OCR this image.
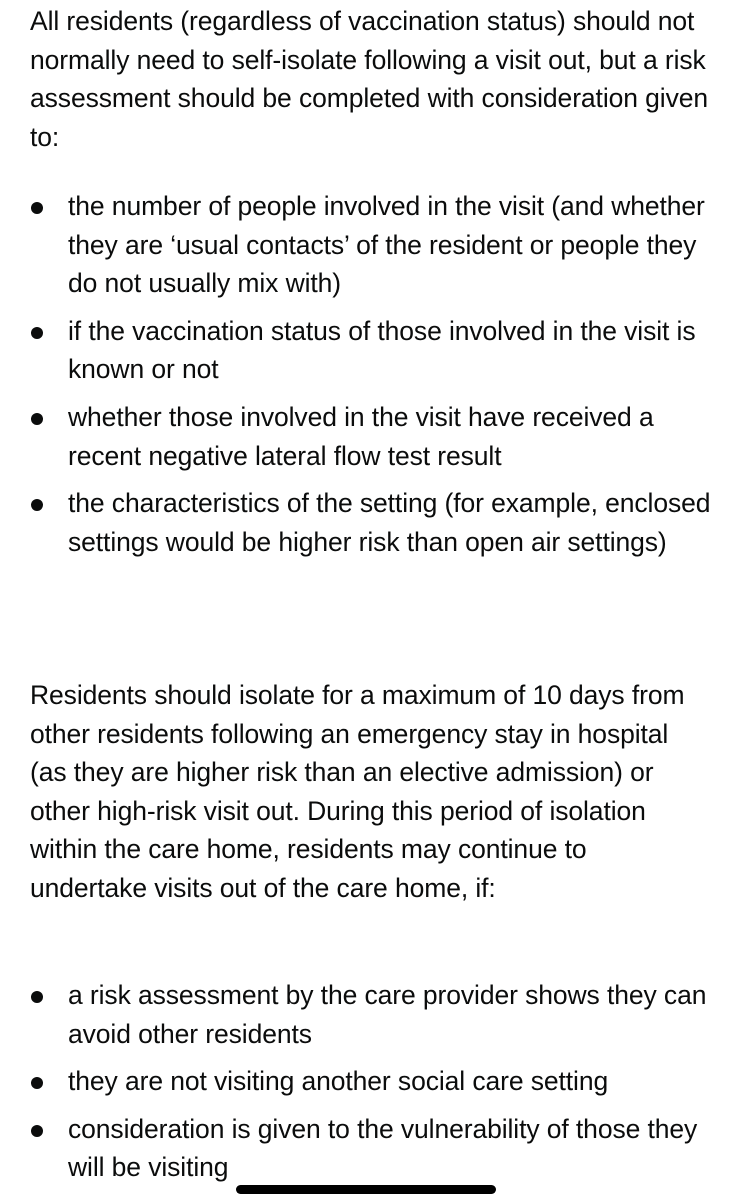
All residents (regardless of vaccination status) should not normally need to self-isolate following a visit out, but a risk assessment should be completed with consideration given to:

the number of people involved in the visit (and whether they are ‘usual contacts’ of the resident or people they do not usually mix with)
if the vaccination status of those involved in the visit is known or not
whether those involved in the visit have received a recent negative lateral flow test result
the characteristics of the setting (for example, enclosed settings would be higher risk than open air settings)

Residents should isolate for a maximum of 10 days from other residents following an emergency stay in hospital (as they are higher risk than an elective admission) or other high-risk visit out. During this period of isolation within the care home, residents may continue to undertake visits out of the care home, if:

a risk assessment by the care provider shows they can avoid other residents
they are not visiting another social care setting
consideration is given to the vulnerability of those they will be visiting
